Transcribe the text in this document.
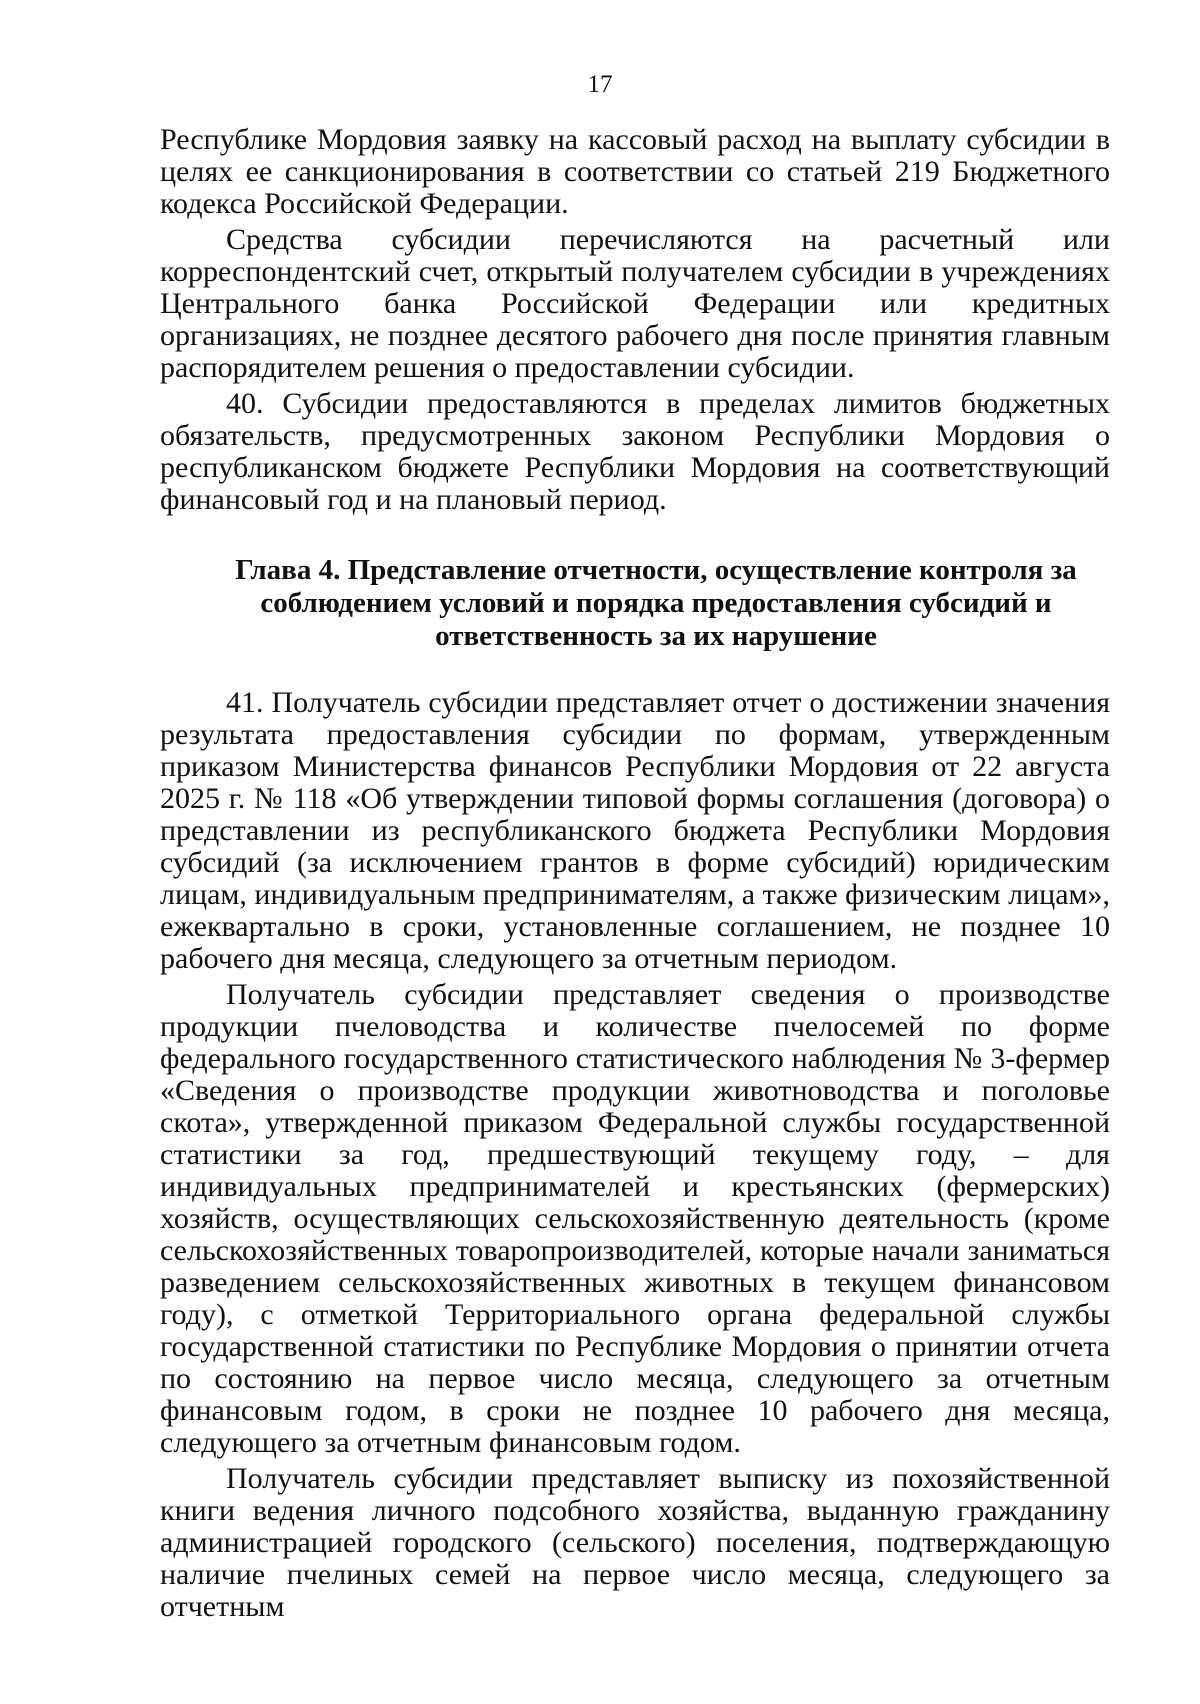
17

Республике Мордовия заявку на кассовый расход на выплату субсидии в целях ее санкционирования в соответствии со статьей 219 Бюджетного кодекса Российской Федерации.

Средства субсидии перечисляются на расчетный или корреспондентский счет, открытый получателем субсидии в учреждениях Центрального банка Российской Федерации или кредитных организациях, не позднее десятого рабочего дня после принятия главным распорядителем решения о предоставлении субсидии.

40. Субсидии предоставляются в пределах лимитов бюджетных обязательств, предусмотренных законом Республики Мордовия о республиканском бюджете Республики Мордовия на соответствующий финансовый год и на плановый период.

Глава 4. Представление отчетности, осуществление контроля за соблюдением условий и порядка предоставления субсидий и ответственность за их нарушение

41. Получатель субсидии представляет отчет о достижении значения результата предоставления субсидии по формам, утвержденным приказом Министерства финансов Республики Мордовия от 22 августа 2025 г. № 118 «Об утверждении типовой формы соглашения (договора) о представлении из республиканского бюджета Республики Мордовия субсидий (за исключением грантов в форме субсидий) юридическим лицам, индивидуальным предпринимателям, а также физическим лицам», ежеквартально в сроки, установленные соглашением, не позднее 10 рабочего дня месяца, следующего за отчетным периодом.

Получатель субсидии представляет сведения о производстве продукции пчеловодства и количестве пчелосемей по форме федерального государственного статистического наблюдения № 3-фермер «Сведения о производстве продукции животноводства и поголовье скота», утвержденной приказом Федеральной службы государственной статистики за год, предшествующий текущему году, – для индивидуальных предпринимателей и крестьянских (фермерских) хозяйств, осуществляющих сельскохозяйственную деятельность (кроме сельскохозяйственных товаропроизводителей, которые начали заниматься разведением сельскохозяйственных животных в текущем финансовом году), с отметкой Территориального органа федеральной службы государственной статистики по Республике Мордовия о принятии отчета по состоянию на первое число месяца, следующего за отчетным финансовым годом, в сроки не позднее 10 рабочего дня месяца, следующего за отчетным финансовым годом.

Получатель субсидии представляет выписку из похозяйственной книги ведения личного подсобного хозяйства, выданную гражданину администрацией городского (сельского) поселения, подтверждающую наличие пчелиных семей на первое число месяца, следующего за отчетным
